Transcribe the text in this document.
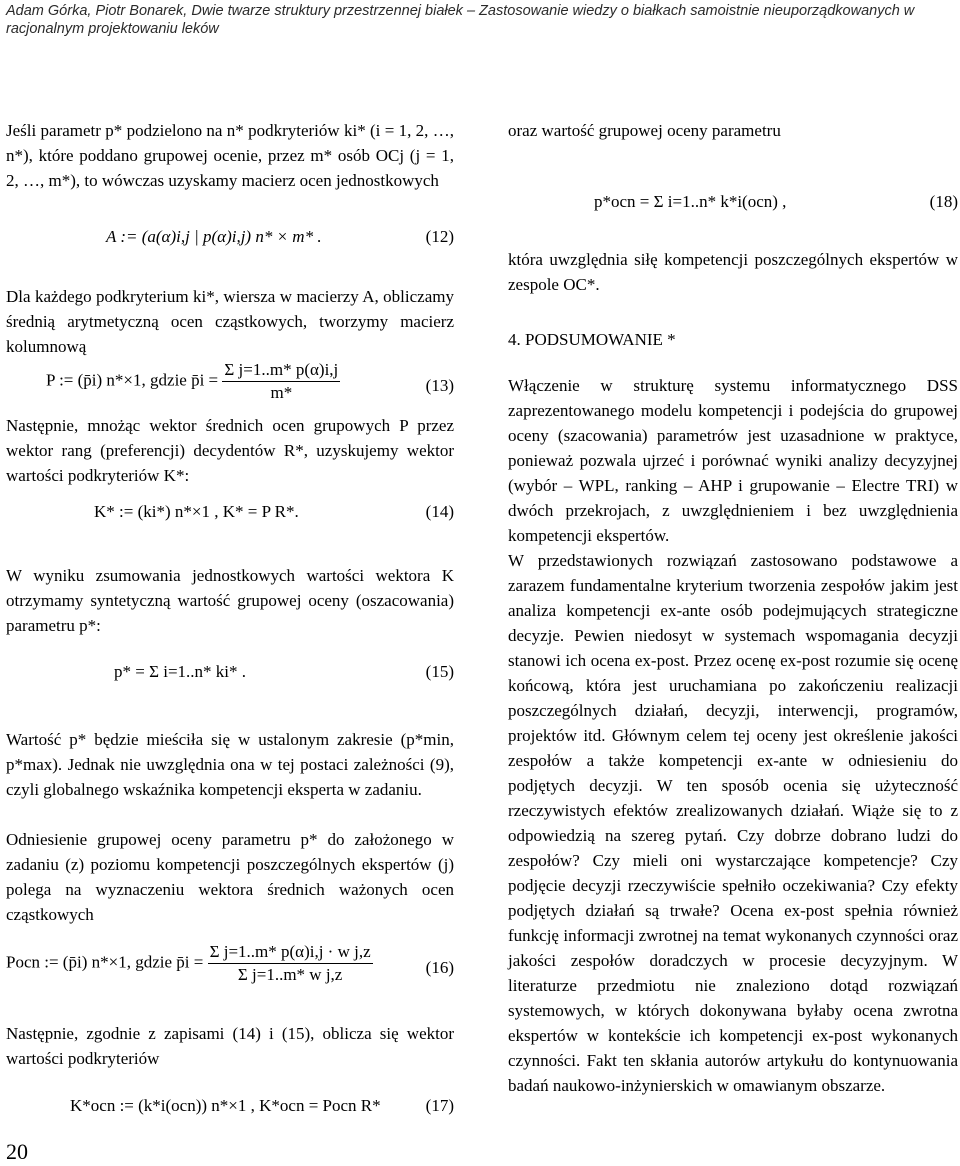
Adam Górka, Piotr Bonarek, Dwie twarze struktury przestrzennej białek – Zastosowanie wiedzy o białkach samoistnie nieuporządkowanych w racjonalnym projektowaniu leków

Jeśli parametr p* podzielono na n* podkryteriów ki* (i = 1, 2, …, n*), które poddano grupowej ocenie, przez m* osób OCj (j = 1, 2, …, m*), to wówczas uzyskamy macierz ocen jednostkowych

A := (a(α)i,j | p(α)i,j) n* × m* .	(12)

Dla każdego podkryterium ki*, wiersza w macierzy A, obliczamy średnią arytmetyczną ocen cząstkowych, tworzymy macierz kolumnową

P := (p̄i) n*×1, gdzie p̄i = $\frac{\text{Σ j=1..m* p(α)i,j}}{m*}$	(13)

Następnie, mnożąc wektor średnich ocen grupowych P przez wektor rang (preferencji) decydentów R*, uzyskujemy wektor wartości podkryteriów K*:

K* := (ki*) n*×1 , K* = P R*.	(14)

W wyniku zsumowania jednostkowych wartości wektora K otrzymamy syntetyczną wartość grupowej oceny (oszacowania) parametru p*:

p* = Σ i=1..n* ki* .	(15)

Wartość p* będzie mieściła się w ustalonym zakresie (p*min, p*max). Jednak nie uwzględnia ona w tej postaci zależności (9), czyli globalnego wskaźnika kompetencji eksperta w zadaniu.

Odniesienie grupowej oceny parametru p* do założonego w zadaniu (z) poziomu kompetencji poszczególnych ekspertów (j) polega na wyznaczeniu wektora średnich ważonych ocen cząstkowych

Pocn := (p̄i) n*×1, gdzie p̄i = $\frac{\text{Σ j=1..m* p(α)i,j · w j,z}}{\text{Σ j=1..m* w j,z}}$	(16)

Następnie, zgodnie z zapisami (14) i (15), oblicza się wektor wartości podkryteriów

K*ocn := (k*i(ocn)) n*×1 , K*ocn = Pocn R*	(17)

oraz wartość grupowej oceny parametru

p*ocn = Σ i=1..n* k*i(ocn) ,	(18)

która uwzględnia siłę kompetencji poszczególnych ekspertów w zespole OC*.

4. PODSUMOWANIE *

Włączenie w strukturę systemu informatycznego DSS zaprezentowanego modelu kompetencji i podejścia do grupowej oceny (szacowania) parametrów jest uzasadnione w praktyce, ponieważ pozwala ujrzeć i porównać wyniki analizy decyzyjnej (wybór – WPL, ranking – AHP i grupowanie – Electre TRI) w dwóch przekrojach, z uwzględnieniem i bez uwzględnienia kompetencji ekspertów.

W przedstawionych rozwiązań zastosowano podstawowe a zarazem fundamentalne kryterium tworzenia zespołów jakim jest analiza kompetencji ex-ante osób podejmujących strategiczne decyzje. Pewien niedosyt w systemach wspomagania decyzji stanowi ich ocena ex-post. Przez ocenę ex-post rozumie się ocenę końcową, która jest uruchamiana po zakończeniu realizacji poszczególnych działań, decyzji, interwencji, programów, projektów itd. Głównym celem tej oceny jest określenie jakości zespołów a także kompetencji ex-ante w odniesieniu do podjętych decyzji. W ten sposób ocenia się użyteczność rzeczywistych efektów zrealizowanych działań. Wiąże się to z odpowiedzią na szereg pytań. Czy dobrze dobrano ludzi do zespołów? Czy mieli oni wystarczające kompetencje? Czy podjęcie decyzji rzeczywiście spełniło oczekiwania? Czy efekty podjętych działań są trwałe? Ocena ex-post spełnia również funkcję informacji zwrotnej na temat wykonanych czynności oraz jakości zespołów doradczych w procesie decyzyjnym. W literaturze przedmiotu nie znaleziono dotąd rozwiązań systemowych, w których dokonywana byłaby ocena zwrotna ekspertów w kontekście ich kompetencji ex-post wykonanych czynności. Fakt ten skłania autorów artykułu do kontynuowania badań naukowo-inżynierskich w omawianym obszarze.

20
